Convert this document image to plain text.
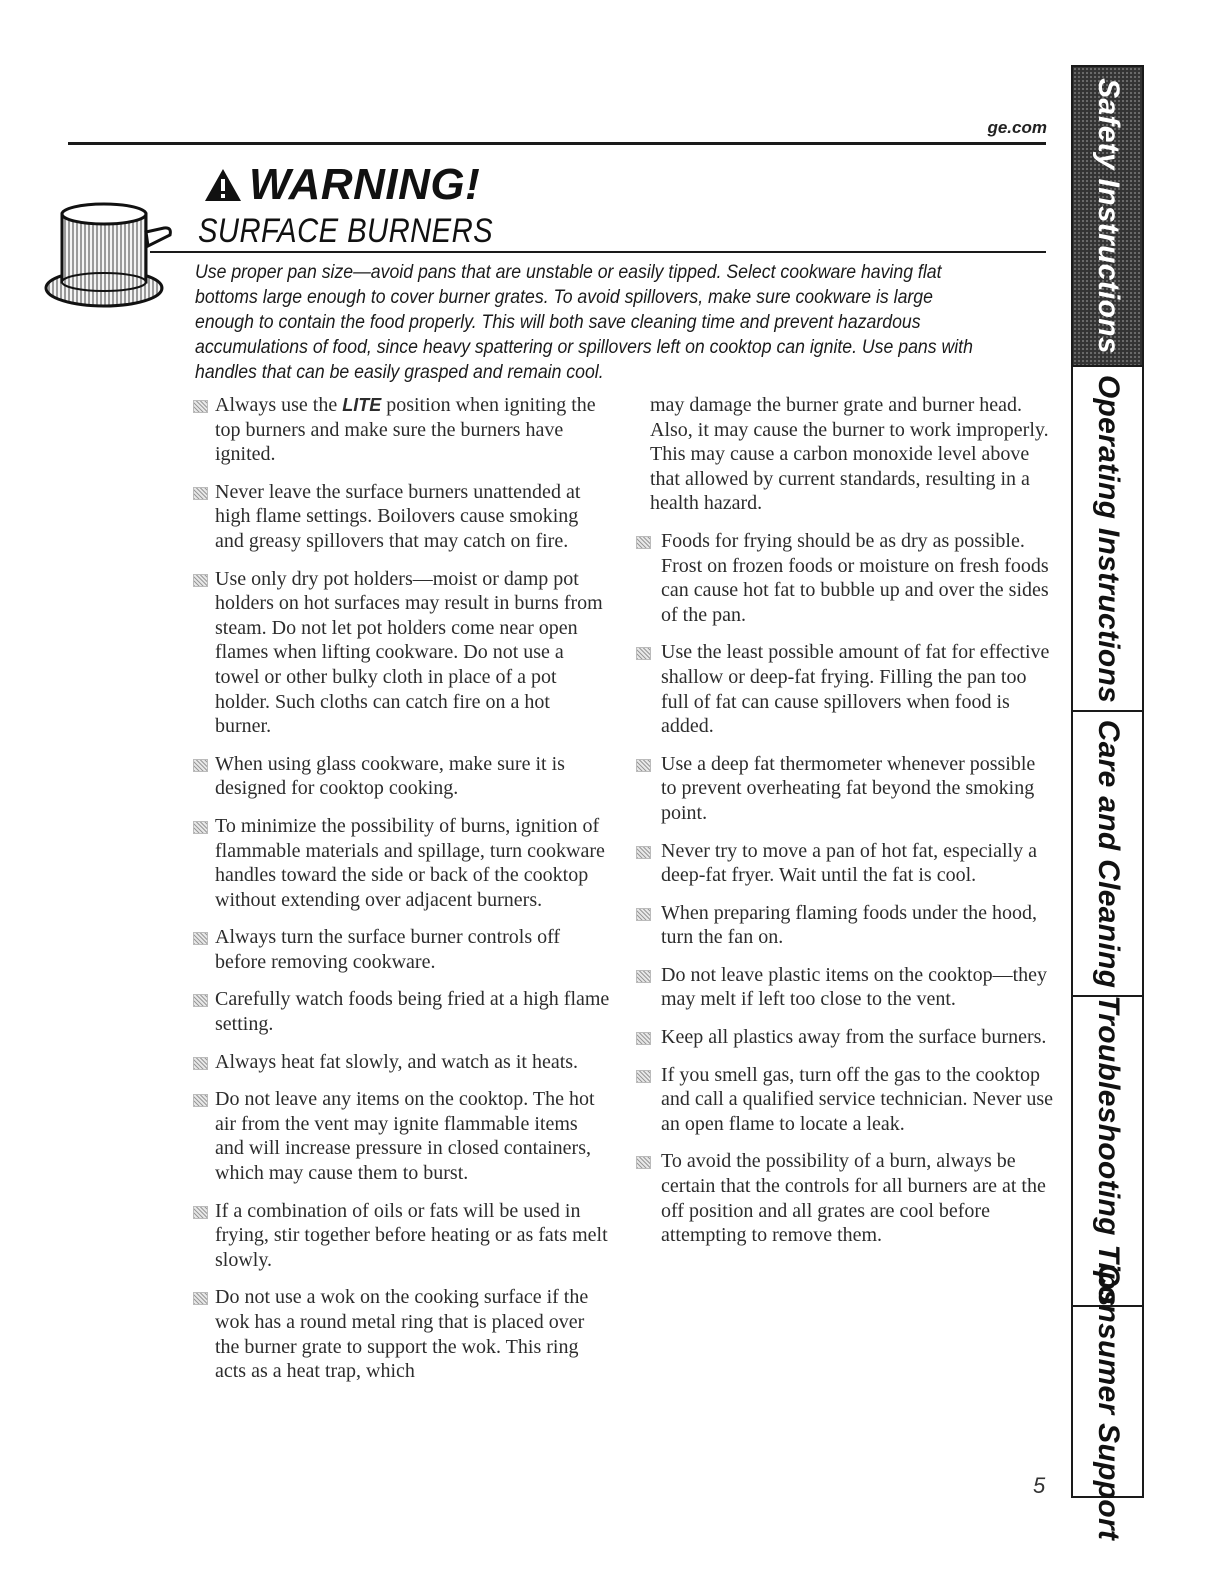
ge.com
WARNING!
SURFACE BURNERS
Use proper pan size—avoid pans that are unstable or easily tipped. Select cookware having flat bottoms large enough to cover burner grates. To avoid spillovers, make sure cookware is large enough to contain the food properly. This will both save cleaning time and prevent hazardous accumulations of food, since heavy spattering or spillovers left on cooktop can ignite. Use pans with handles that can be easily grasped and remain cool.
Always use the LITE position when igniting the top burners and make sure the burners have ignited.
Never leave the surface burners unattended at high flame settings. Boilovers cause smoking and greasy spillovers that may catch on fire.
Use only dry pot holders—moist or damp pot holders on hot surfaces may result in burns from steam. Do not let pot holders come near open flames when lifting cookware. Do not use a towel or other bulky cloth in place of a pot holder. Such cloths can catch fire on a hot burner.
When using glass cookware, make sure it is designed for cooktop cooking.
To minimize the possibility of burns, ignition of flammable materials and spillage, turn cookware handles toward the side or back of the cooktop without extending over adjacent burners.
Always turn the surface burner controls off before removing cookware.
Carefully watch foods being fried at a high flame setting.
Always heat fat slowly, and watch as it heats.
Do not leave any items on the cooktop. The hot air from the vent may ignite flammable items and will increase pressure in closed containers, which may cause them to burst.
If a combination of oils or fats will be used in frying, stir together before heating or as fats melt slowly.
Do not use a wok on the cooking surface if the wok has a round metal ring that is placed over the burner grate to support the wok. This ring acts as a heat trap, which
may damage the burner grate and burner head. Also, it may cause the burner to work improperly. This may cause a carbon monoxide level above that allowed by current standards, resulting in a health hazard.
Foods for frying should be as dry as possible. Frost on frozen foods or moisture on fresh foods can cause hot fat to bubble up and over the sides of the pan.
Use the least possible amount of fat for effective shallow or deep-fat frying. Filling the pan too full of fat can cause spillovers when food is added.
Use a deep fat thermometer whenever possible to prevent overheating fat beyond the smoking point.
Never try to move a pan of hot fat, especially a deep-fat fryer. Wait until the fat is cool.
When preparing flaming foods under the hood, turn the fan on.
Do not leave plastic items on the cooktop—they may melt if left too close to the vent.
Keep all plastics away from the surface burners.
If you smell gas, turn off the gas to the cooktop and call a qualified service technician. Never use an open flame to locate a leak.
To avoid the possibility of a burn, always be certain that the controls for all burners are at the off position and all grates are cool before attempting to remove them.
5
Safety Instructions
Operating Instructions
Care and Cleaning
Troubleshooting Tips
Consumer Support
